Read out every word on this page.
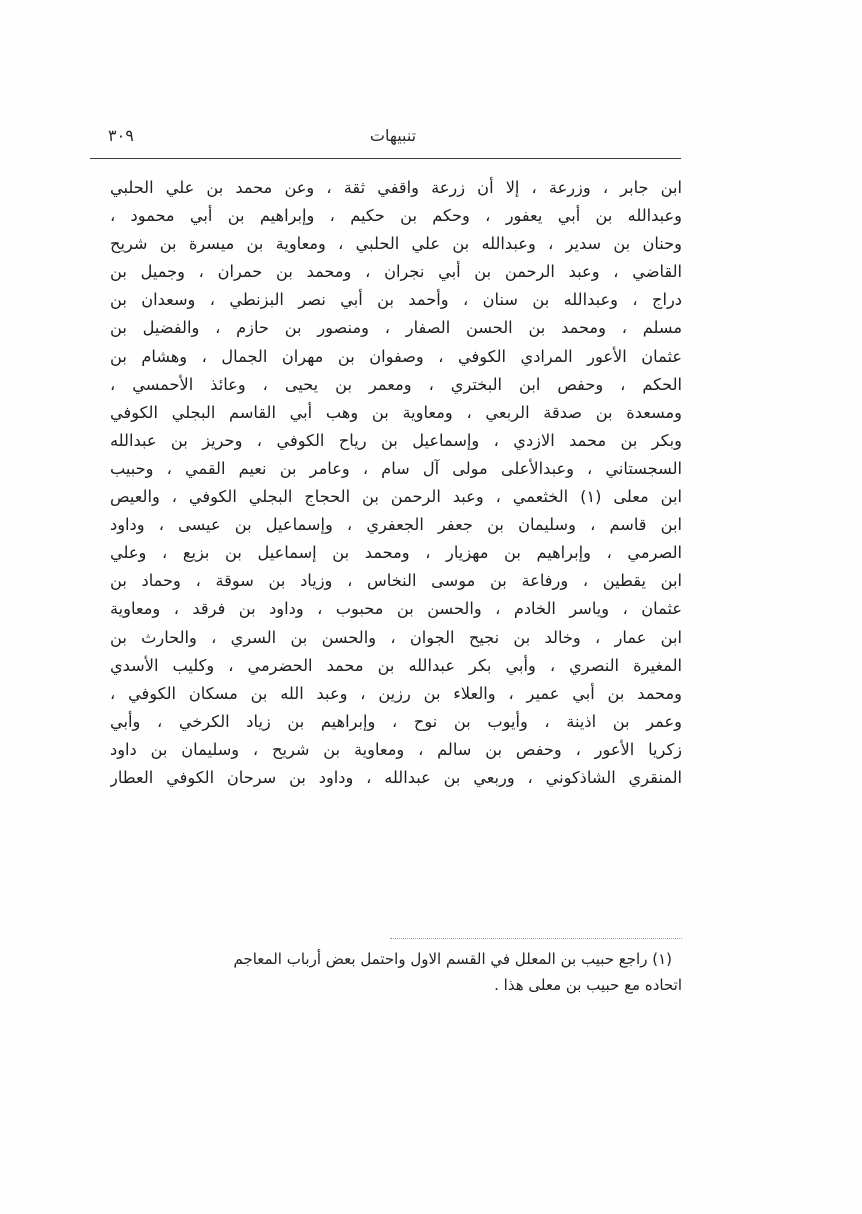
تنبيهات
٣٠٩
ابن جابر ، وزرعة ، إلا أن زرعة واقفي ثقة ، وعن محمد بن علي الحلبي
وعبدالله بن أبي يعفور ، وحكم بن حكيم ، وإبراهيم بن أبي محمود ،
وحنان بن سدير ، وعبدالله بن علي الحلبي ، ومعاوية بن ميسرة بن شريح
القاضي ، وعبد الرحمن بن أبي نجران ، ومحمد بن حمران ، وجميل بن
دراج ، وعبدالله بن سنان ، وأحمد بن أبي نصر البزنطي ، وسعدان بن
مسلم ، ومحمد بن الحسن الصفار ، ومنصور بن حازم ، والفضيل بن
عثمان الأعور المرادي الكوفي ، وصفوان بن مهران الجمال ، وهشام بن
الحكم ، وحفص ابن البختري ، ومعمر بن يحيى ، وعائذ الأحمسي ،
ومسعدة بن صدقة الربعي ، ومعاوية بن وهب أبي القاسم البجلي الكوفي
وبكر بن محمد الازدي ، وإسماعيل بن رياح الكوفي ، وحريز بن عبدالله
السجستاني ، وعبدالأعلى مولى آل سام ، وعامر بن نعيم القمي ، وحبيب
ابن معلى (١) الخثعمي ، وعبد الرحمن بن الحجاج البجلي الكوفي ، والعيص
ابن قاسم ، وسليمان بن جعفر الجعفري ، وإسماعيل بن عيسى ، وداود
الصرمي ، وإبراهيم بن مهزيار ، ومحمد بن إسماعيل بن بزيع ، وعلي
ابن يقطين ، ورفاعة بن موسى النخاس ، وزياد بن سوقة ، وحماد بن
عثمان ، وياسر الخادم ، والحسن بن محبوب ، وداود بن فرقد ، ومعاوية
ابن عمار ، وخالد بن نجيح الجوان ، والحسن بن السري ، والحارث بن
المغيرة النصري ، وأبي بكر عبدالله بن محمد الحضرمي ، وكليب الأسدي
ومحمد بن أبي عمير ، والعلاء بن رزين ، وعبد الله بن مسكان الكوفي ،
وعمر بن اذينة ، وأيوب بن نوح ، وإبراهيم بن زياد الكرخي ، وأبي
زكريا الأعور ، وحفص بن سالم ، ومعاوية بن شريح ، وسليمان بن داود
المنقري الشاذكوني ، وربعي بن عبدالله ، وداود بن سرحان الكوفي العطار
(١) راجع حبيب بن المعلل في القسم الاول واحتمل بعض أرباب المعاجم
اتحاده مع حبيب بن معلى هذا .
